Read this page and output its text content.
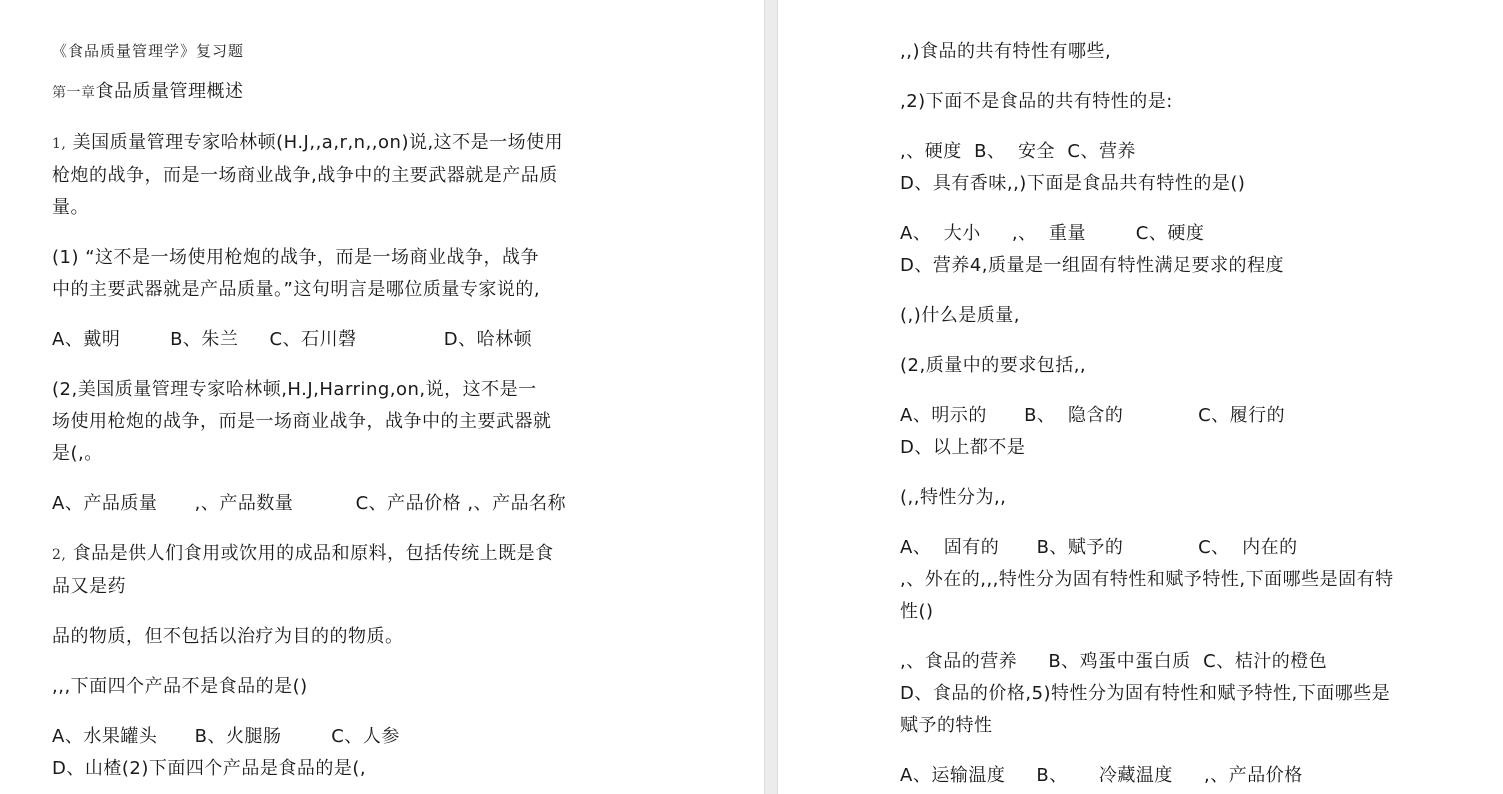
《食品质量管理学》复习题

第一章食品质量管理概述

1, 美国质量管理专家哈林顿(H.J,,a,r,n,,on)说,这不是一场使用

枪炮的战争，而是一场商业战争,战争中的主要武器就是产品质

量。

(1) “这不是一场使用枪炮的战争，而是一场商业战争，战争

中的主要武器就是产品质量。”这句明言是哪位质量专家说的,

A、戴明        B、朱兰     C、石川磬              D、哈林顿

(2,美国质量管理专家哈林顿,H.J,Harring,on,说，这不是一

场使用枪炮的战争，而是一场商业战争，战争中的主要武器就

是(,。

A、产品质量      ,、产品数量          C、产品价格 ,、产品名称

2, 食品是供人们食用或饮用的成品和原料，包括传统上既是食

品又是药

品的物质，但不包括以治疗为目的的物质。

,,,下面四个产品不是食品的是()

A、水果罐头      B、火腿肠        C、人参

D、山楂(2)下面四个产品是食品的是(,

,,)食品的共有特性有哪些,

,2)下面不是食品的共有特性的是:

,、硬度  B、  安全  C、营养

D、具有香味,,)下面是食品共有特性的是()

A、  大小     ,、  重量        C、硬度

D、营养4,质量是一组固有特性满足要求的程度

(,)什么是质量,

(2,质量中的要求包括,,

A、明示的      B、  隐含的            C、履行的

D、以上都不是

(,,特性分为,,

A、  固有的      B、赋予的            C、  内在的

,、外在的,,,特性分为固有特性和赋予特性,下面哪些是固有特

性()

,、食品的营养     B、鸡蛋中蛋白质  C、桔汁的橙色

D、食品的价格,5)特性分为固有特性和赋予特性,下面哪些是

赋予的特性

A、运输温度     B、     冷藏温度     ,、产品价格
